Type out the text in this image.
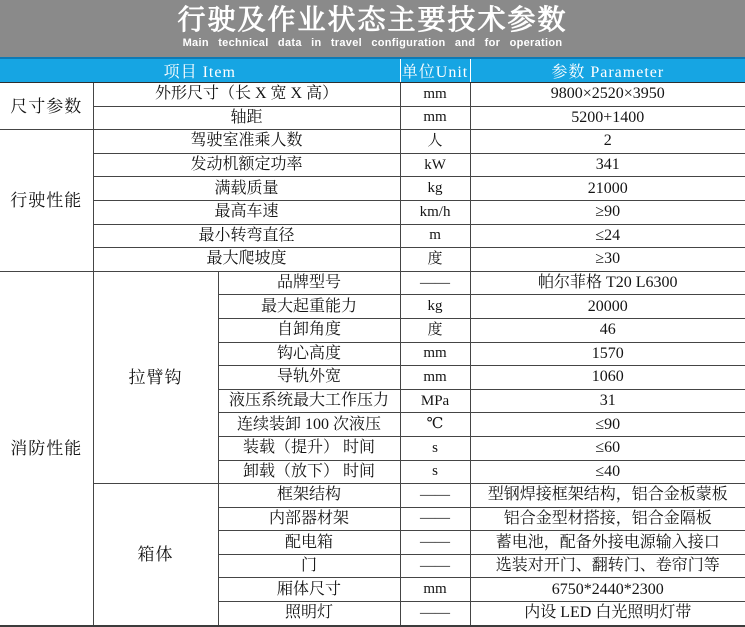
行驶及作业状态主要技术参数
Main technical data in travel configuration and for operation
项目 Item			单位Unit	参数 Parameter
尺寸参数	外形尺寸（长 X 宽 X 高）		mm	9800×2520×3950
	轴距		mm	5200+1400
行驶性能	驾驶室准乘人数		人	2
	发动机额定功率		kW	341
	满载质量		kg	21000
	最高车速		km/h	≥90
	最小转弯直径		m	≤24
	最大爬坡度		度	≥30
消防性能	拉臂钩	品牌型号	——	帕尔菲格 T20 L6300
		最大起重能力	kg	20000
		自卸角度	度	46
		钩心高度	mm	1570
		导轨外宽	mm	1060
		液压系统最大工作压力	MPa	31
		连续装卸 100 次液压	℃	≤90
		装载（提升） 时间	s	≤60
		卸载（放下） 时间	s	≤40
	箱体	框架结构	——	型钢焊接框架结构，铝合金板蒙板
		内部器材架	——	铝合金型材搭接，铝合金隔板
		配电箱	——	蓄电池，配备外接电源输入接口
		门	——	选装对开门、翻转门、卷帘门等
		厢体尺寸	mm	6750*2440*2300
		照明灯	——	内设 LED 白光照明灯带
